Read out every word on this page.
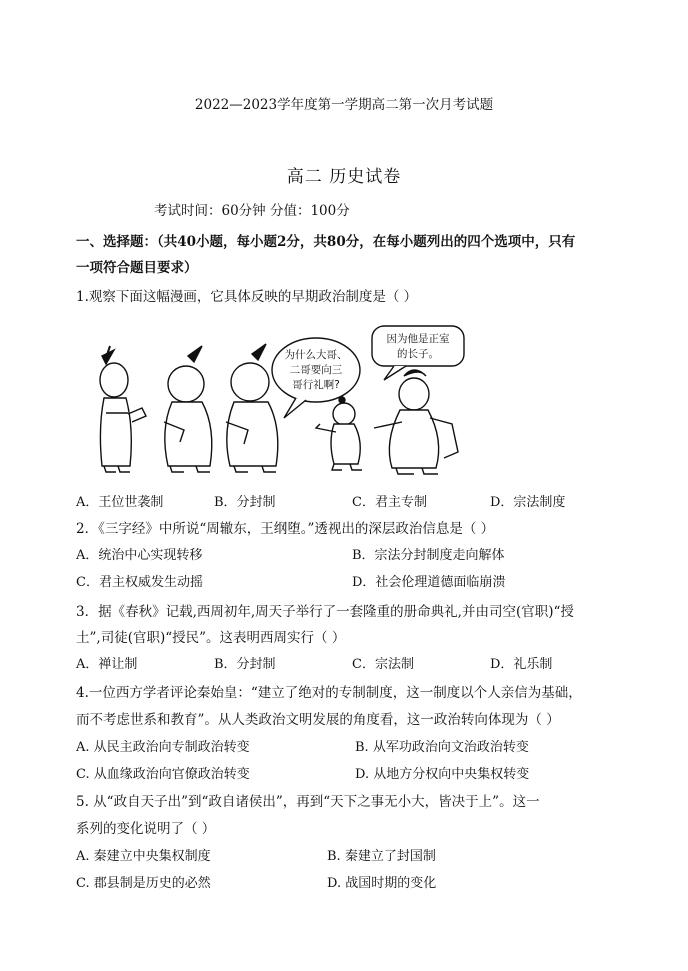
2022—2023学年度第一学期高二第一次月考试题
高二 历史试卷
考试时间：60分钟 分值：100分
一、选择题：（共40小题，每小题2分，共80分，在每小题列出的四个选项中，只有
一项符合题目要求）
1.观察下面这幅漫画，它具体反映的早期政治制度是（ ）
为什么大哥、
二哥要向三
哥行礼啊?
因为他是正室
的长子。
A．王位世袭制	B．分封制	C．君主专制	D．宗法制度
2．《三字经》中所说“周辙东，王纲堕。”透视出的深层政治信息是（ ）
A．统治中心实现转移	B．宗法分封制度走向解体
C．君主权威发生动摇	D．社会伦理道德面临崩溃
3．据《春秋》记载,西周初年,周天子举行了一套隆重的册命典礼,并由司空(官职)“授
土”,司徒(官职)“授民”。这表明西周实行（ ）
A．禅让制	B．分封制	C．宗法制	D．礼乐制
4.一位西方学者评论秦始皇：“建立了绝对的专制制度，这一制度以个人亲信为基础，
而不考虑世系和教育”。从人类政治文明发展的角度看，这一政治转向体现为（ ）
A. 从民主政治向专制政治转变	B. 从军功政治向文治政治转变
C. 从血缘政治向官僚政治转变	D. 从地方分权向中央集权转变
5. 从“政自天子出”到“政自诸侯出”，再到“天下之事无小大，皆决于上”。这一
系列的变化说明了（ ）
A. 秦建立中央集权制度	B. 秦建立了封国制
C. 郡县制是历史的必然	D. 战国时期的变化
